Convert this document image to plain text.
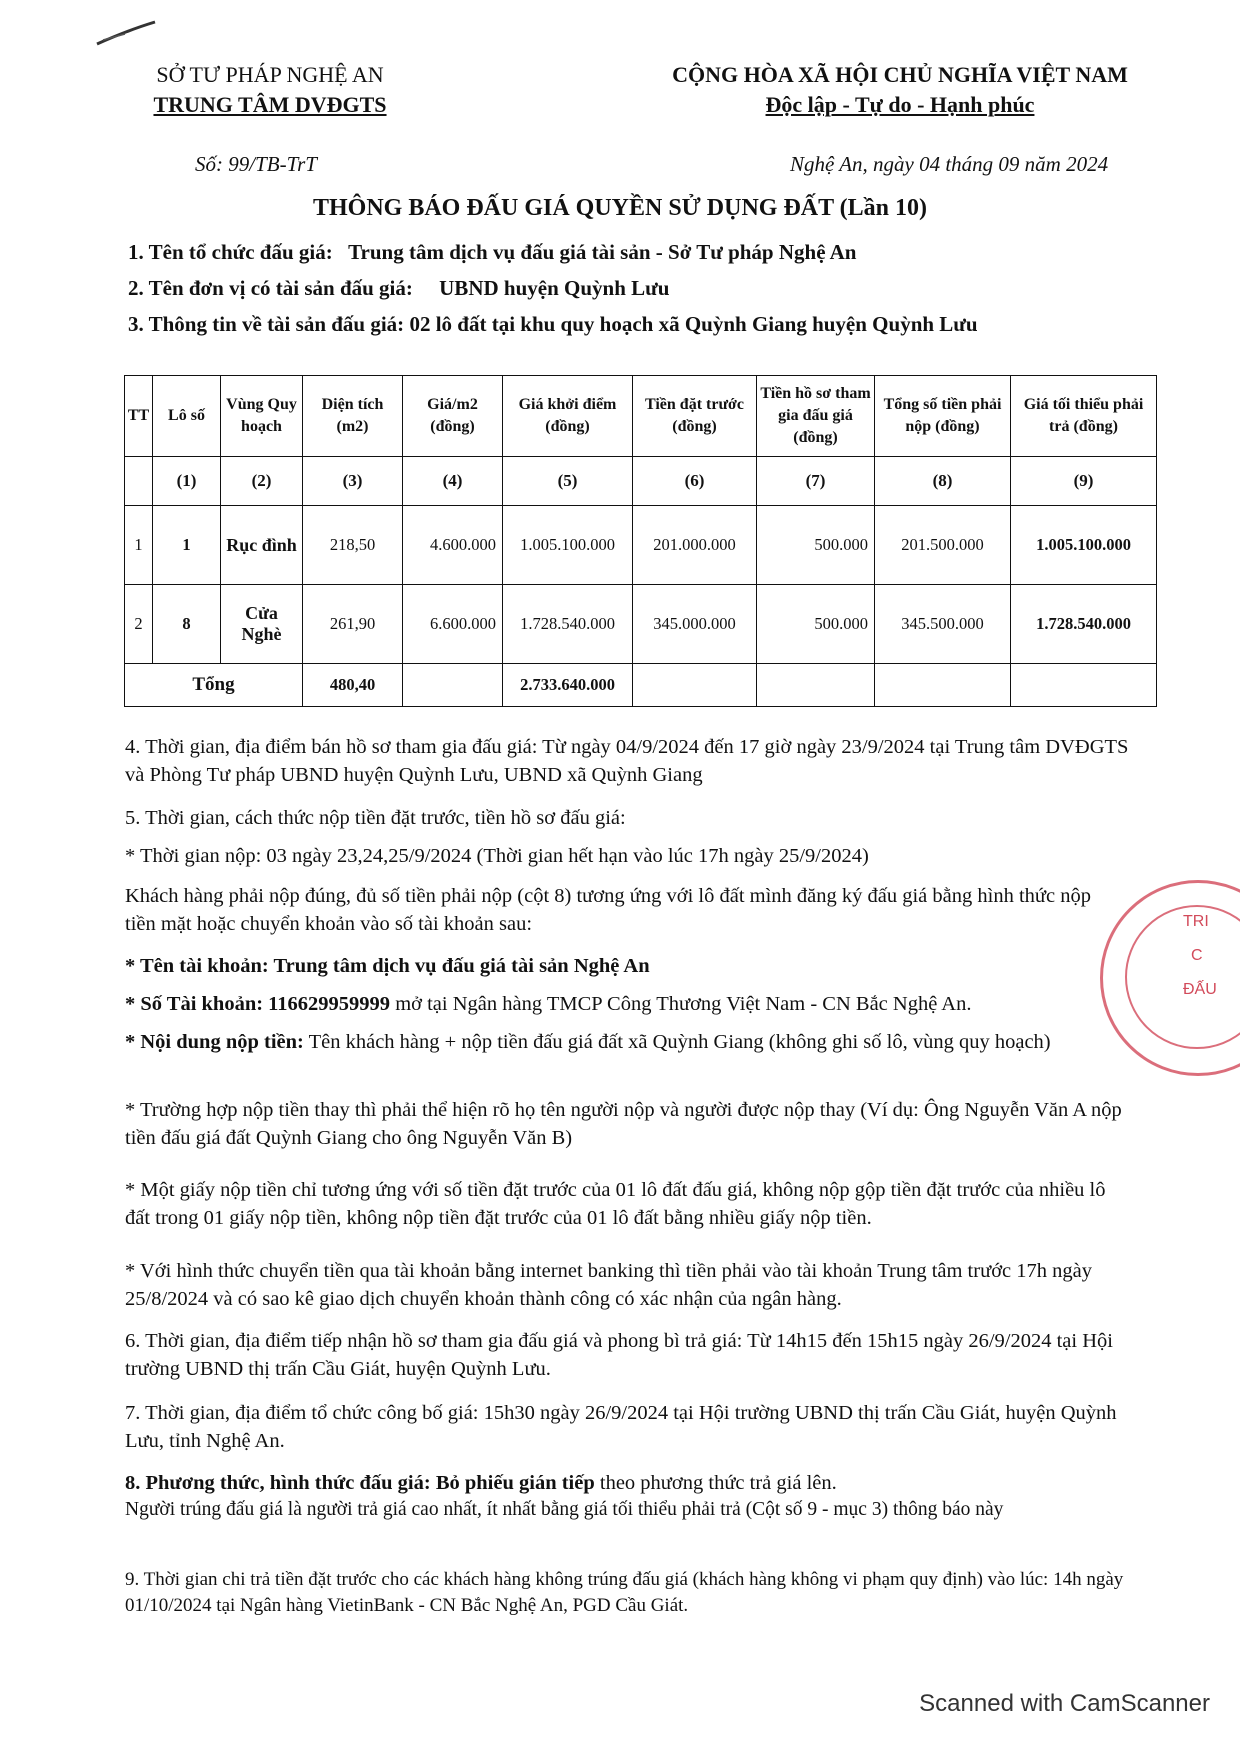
SỞ TƯ PHÁP NGHỆ AN
TRUNG TÂM DVĐGTS
CỘNG HÒA XÃ HỘI CHỦ NGHĨA VIỆT NAM
Độc lập - Tự do - Hạnh phúc
Số: 99/TB-TrT	Nghệ An, ngày 04 tháng 09 năm 2024
THÔNG BÁO ĐẤU GIÁ QUYỀN SỬ DỤNG ĐẤT (Lần 10)
1. Tên tổ chức đấu giá: Trung tâm dịch vụ đấu giá tài sản - Sở Tư pháp Nghệ An
2. Tên đơn vị có tài sản đấu giá: UBND huyện Quỳnh Lưu
3. Thông tin về tài sản đấu giá: 02 lô đất tại khu quy hoạch xã Quỳnh Giang huyện Quỳnh Lưu
TT	Lô số	Vùng Quy hoạch	Diện tích (m2)	Giá/m2 (đồng)	Giá khởi điểm (đồng)	Tiền đặt trước (đồng)	Tiền hồ sơ tham gia đấu giá (đồng)	Tổng số tiền phải nộp (đồng)	Giá tối thiểu phải trả (đồng)
	(1)	(2)	(3)	(4)	(5)	(6)	(7)	(8)	(9)
1	1	Rục đình	218,50	4.600.000	1.005.100.000	201.000.000	500.000	201.500.000	1.005.100.000
2	8	Cửa Nghè	261,90	6.600.000	1.728.540.000	345.000.000	500.000	345.500.000	1.728.540.000
Tổng			480,40		2.733.640.000				
4. Thời gian, địa điểm bán hồ sơ tham gia đấu giá: Từ ngày 04/9/2024 đến 17 giờ ngày 23/9/2024 tại Trung tâm DVĐGTS và Phòng Tư pháp UBND huyện Quỳnh Lưu, UBND xã Quỳnh Giang
5. Thời gian, cách thức nộp tiền đặt trước, tiền hồ sơ đấu giá:
* Thời gian nộp: 03 ngày 23,24,25/9/2024 (Thời gian hết hạn vào lúc 17h ngày 25/9/2024)
Khách hàng phải nộp đúng, đủ số tiền phải nộp (cột 8) tương ứng với lô đất mình đăng ký đấu giá bằng hình thức nộp tiền mặt hoặc chuyển khoản vào số tài khoản sau:
* Tên tài khoản: Trung tâm dịch vụ đấu giá tài sản Nghệ An
* Số Tài khoản: 116629959999 mở tại Ngân hàng TMCP Công Thương Việt Nam - CN Bắc Nghệ An.
* Nội dung nộp tiền: Tên khách hàng + nộp tiền đấu giá đất xã Quỳnh Giang (không ghi số lô, vùng quy hoạch)
* Trường hợp nộp tiền thay thì phải thể hiện rõ họ tên người nộp và người được nộp thay (Ví dụ: Ông Nguyễn Văn A nộp tiền đấu giá đất Quỳnh Giang cho ông Nguyễn Văn B)
* Một giấy nộp tiền chỉ tương ứng với số tiền đặt trước của 01 lô đất đấu giá, không nộp gộp tiền đặt trước của nhiều lô đất trong 01 giấy nộp tiền, không nộp tiền đặt trước của 01 lô đất bằng nhiều giấy nộp tiền.
* Với hình thức chuyển tiền qua tài khoản bằng internet banking thì tiền phải vào tài khoản Trung tâm trước 17h ngày 25/8/2024 và có sao kê giao dịch chuyển khoản thành công có xác nhận của ngân hàng.
6. Thời gian, địa điểm tiếp nhận hồ sơ tham gia đấu giá và phong bì trả giá: Từ 14h15 đến 15h15 ngày 26/9/2024 tại Hội trường UBND thị trấn Cầu Giát, huyện Quỳnh Lưu.
7. Thời gian, địa điểm tổ chức công bố giá: 15h30 ngày 26/9/2024 tại Hội trường UBND thị trấn Cầu Giát, huyện Quỳnh Lưu, tỉnh Nghệ An.
8. Phương thức, hình thức đấu giá: Bỏ phiếu gián tiếp theo phương thức trả giá lên.
Người trúng đấu giá là người trả giá cao nhất, ít nhất bằng giá tối thiểu phải trả (Cột số 9 - mục 3) thông báo này
9. Thời gian chi trả tiền đặt trước cho các khách hàng không trúng đấu giá (khách hàng không vi phạm quy định) vào lúc: 14h ngày 01/10/2024 tại Ngân hàng VietinBank - CN Bắc Nghệ An, PGD Cầu Giát.
TRI
C
ĐẤU
Scanned with CamScanner
